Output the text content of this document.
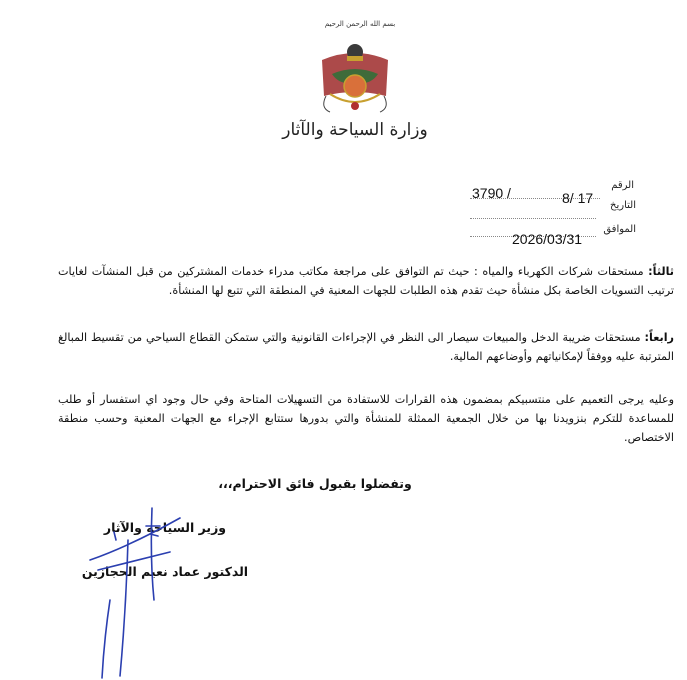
بسم الله الرحمن الرحيم
وزارة السياحة والآثار
الرقم
3790 /	8/ 17	التاريخ
الموافق
2026/03/31
ثالثاً: مستحقات شركات الكهرباء والمياه : حيث تم التوافق على مراجعة مكاتب مدراء خدمات المشتركين من قبل المنشآت لغايات ترتيب التسويات الخاصة بكل منشأة حيث تقدم هذه الطلبات للجهات المعنية في المنطقة التي تتبع لها المنشأة.
رابعاً: مستحقات ضريبة الدخل والمبيعات سيصار الى النظر في الإجراءات القانونية والتي ستمكن القطاع السياحي من تقسيط المبالغ المترتبة عليه ووفقاً لإمكانياتهم وأوضاعهم المالية.
وعليه يرجى التعميم على منتسبيكم بمضمون هذه القرارات للاستفادة من التسهيلات المتاحة وفي حال وجود اي استفسار أو طلب للمساعدة للتكرم بنزويدنا بها من خلال الجمعية الممثلة للمنشأة والتي بدورها ستتابع الإجراء مع الجهات المعنية وحسب منطقة الاختصاص.
وتفضلوا بقبول فائق الاحترام،،،
وزير السياحة والآثار
الدكتور عماد نعيم الحجازين
